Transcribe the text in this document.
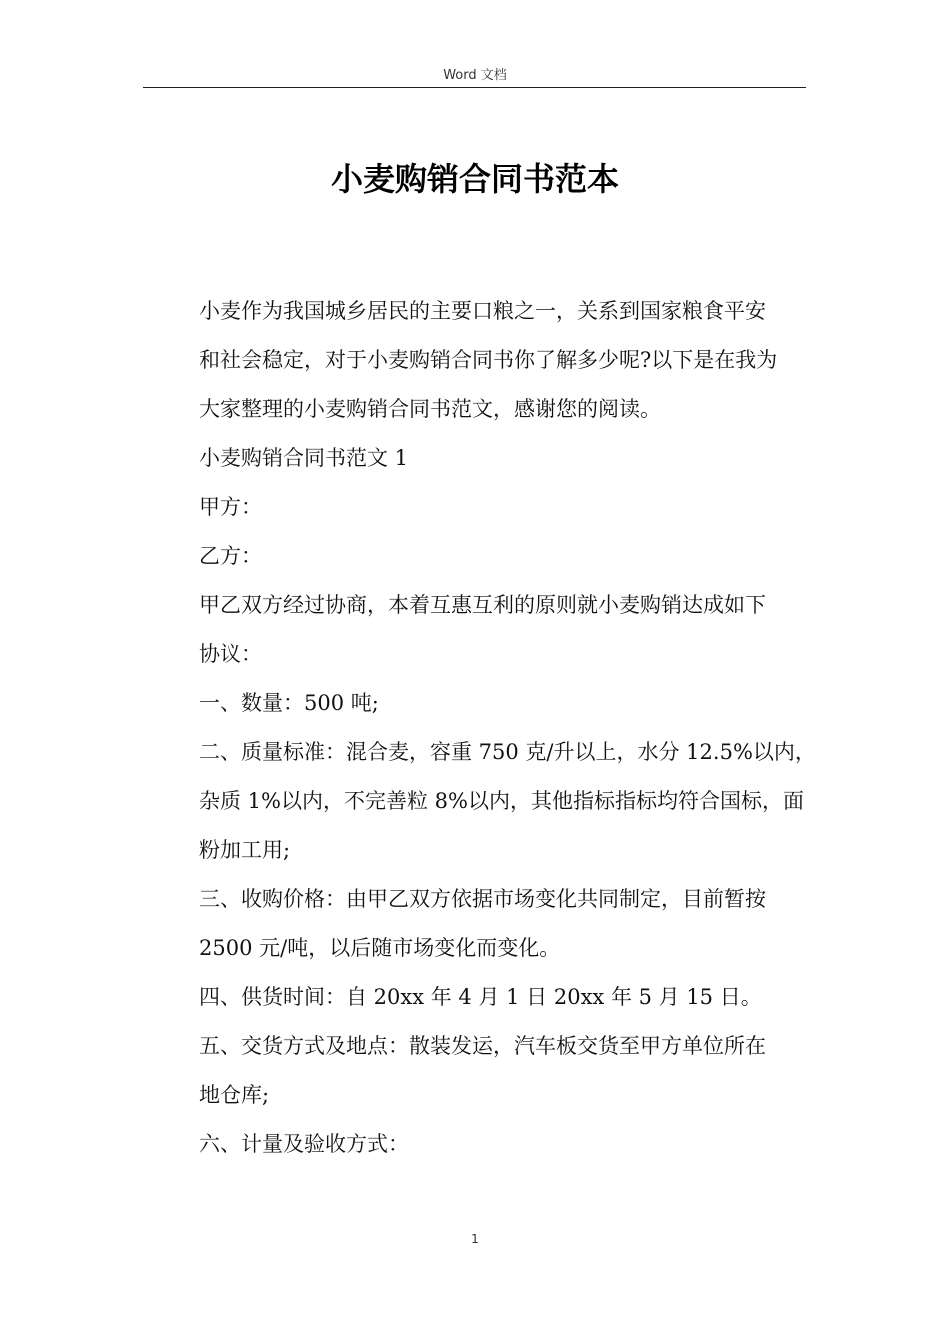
Word 文档
小麦购销合同书范本

小麦作为我国城乡居民的主要口粮之一，关系到国家粮食平安
和社会稳定，对于小麦购销合同书你了解多少呢?以下是在我为
大家整理的小麦购销合同书范文，感谢您的阅读。

小麦购销合同书范文 1

甲方：

乙方：

甲乙双方经过协商，本着互惠互利的原则就小麦购销达成如下
协议：

一、数量：500 吨;

二、质量标准：混合麦，容重 750 克/升以上，水分 12.5%以内，
杂质 1%以内，不完善粒 8%以内，其他指标指标均符合国标，面
粉加工用;

三、收购价格：由甲乙双方依据市场变化共同制定，目前暂按
2500 元/吨，以后随市场变化而变化。

四、供货时间：自 20xx 年 4 月 1 日 20xx 年 5 月 15 日。

五、交货方式及地点：散装发运，汽车板交货至甲方单位所在
地仓库;

六、计量及验收方式：

1
